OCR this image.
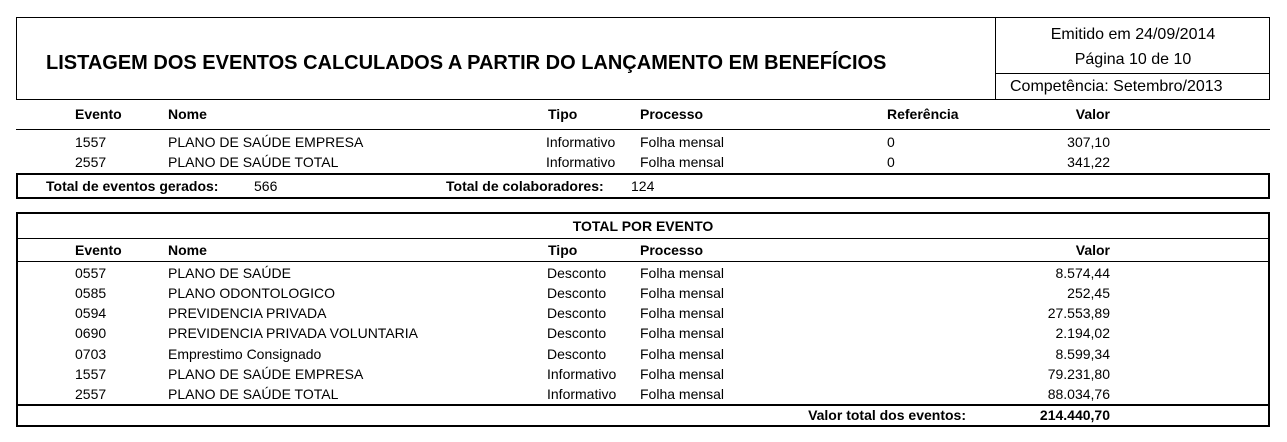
LISTAGEM DOS EVENTOS CALCULADOS A PARTIR DO LANÇAMENTO EM BENEFÍCIOS
Emitido em 24/09/2014
Página 10 de 10
Competência: Setembro/2013
Evento	Nome	Tipo	Processo	Referência	Valor
1557	PLANO DE SAÚDE EMPRESA	Informativo Folha mensal	0	307,10
2557	PLANO DE SAÚDE TOTAL	Informativo Folha mensal	0	341,22
Total de eventos gerados:	566	Total de colaboradores: 124
TOTAL POR EVENTO
Evento	Nome	Tipo	Processo	Valor
0557	PLANO DE SAÚDE	Desconto Folha mensal	8.574,44
0585	PLANO ODONTOLOGICO	Desconto Folha mensal	252,45
0594	PREVIDENCIA PRIVADA	Desconto Folha mensal	27.553,89
0690	PREVIDENCIA PRIVADA VOLUNTARIA	Desconto Folha mensal	2.194,02
0703	Emprestimo Consignado	Desconto Folha mensal	8.599,34
1557	PLANO DE SAÚDE EMPRESA	Informativo Folha mensal	79.231,80
2557	PLANO DE SAÚDE TOTAL	Informativo Folha mensal	88.034,76
Valor total dos eventos:	214.440,70
